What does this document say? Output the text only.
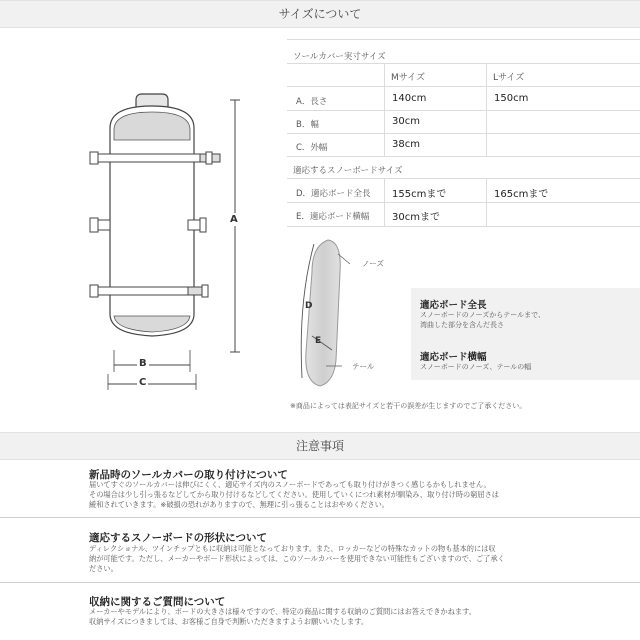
サイズについて
A
B
C
ソールカバー実寸サイズ
Mサイズ	Lサイズ
A．長さ	140cm	150cm
B．幅	30cm
C．外幅	38cm
適応するスノーボードサイズ
D．適応ボード全長 155cmまで	165cmまで
E．適応ボード横幅 30cmまで
D
E
ノーズ
テール
適応ボード全長
スノーボードのノーズからテールまで、
湾曲した部分を含んだ長さ
適応ボード横幅
スノーボードのノーズ、テールの幅
※商品によっては表記サイズと若干の誤差が生じますのでご了承ください。
注意事項
新品時のソールカバーの取り付けについて
届いてすぐのソールカバーは伸びにくく、適応サイズ内のスノーボードであっても取り付けがきつく感じるかもしれません。
その場合は少し引っ張るなどしてから取り付けるなどしてください。使用していくにつれ素材が馴染み、取り付け時の窮屈さは
緩和されていきます。※破損の恐れがありますので、無理に引っ張ることはおやめください。
適応するスノーボードの形状について
ディレクショナル、ツインチップともに収納は可能となっております。また、ロッカーなどの特殊なカットの物も基本的には収
納が可能です。ただし、メーカーやボード形状によっては、このソールカバーを使用できない可能性もございますので、ご了承く
ださい。
収納に関するご質問について
メーカーやモデルにより、ボードの大きさは様々ですので、特定の商品に関する収納のご質問にはお答えできかねます。
収納サイズにつきましては、お客様ご自身で判断いただきますようお願いいたします。
